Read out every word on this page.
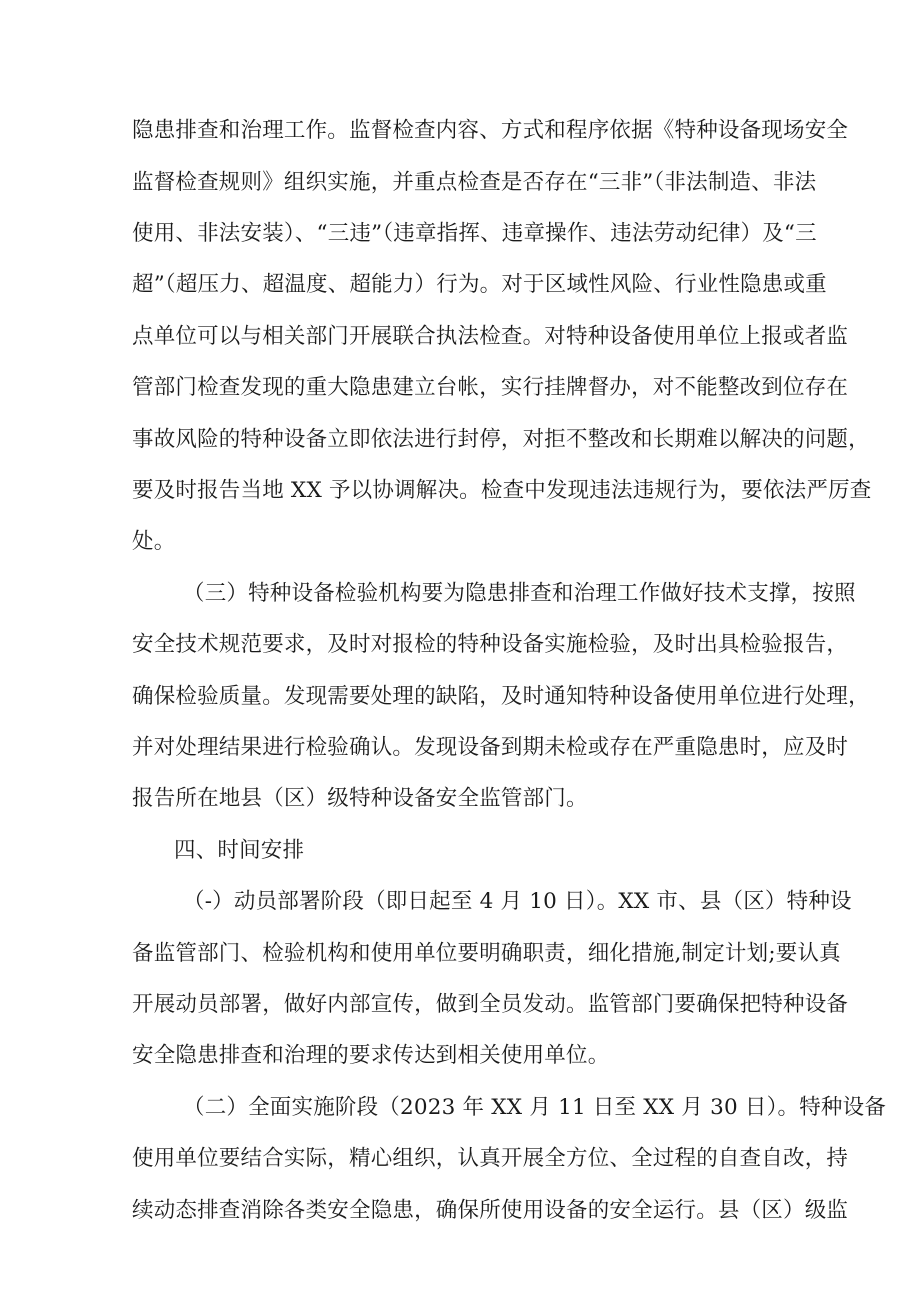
隐患排查和治理工作。监督检查内容、方式和程序依据《特种设备现场安全
监督检查规则》组织实施，并重点检查是否存在“三非”（非法制造、非法
使用、非法安装）、“三违”（违章指挥、违章操作、违法劳动纪律）及“三
超”（超压力、超温度、超能力）行为。对于区域性风险、行业性隐患或重
点单位可以与相关部门开展联合执法检查。对特种设备使用单位上报或者监
管部门检查发现的重大隐患建立台帐，实行挂牌督办，对不能整改到位存在
事故风险的特种设备立即依法进行封停，对拒不整改和长期难以解决的问题，
要及时报告当地 XX 予以协调解决。检查中发现违法违规行为，要依法严厉查
处。
（三）特种设备检验机构要为隐患排查和治理工作做好技术支撑，按照
安全技术规范要求，及时对报检的特种设备实施检验，及时出具检验报告，
确保检验质量。发现需要处理的缺陷，及时通知特种设备使用单位进行处理，
并对处理结果进行检验确认。发现设备到期未检或存在严重隐患时，应及时
报告所在地县（区）级特种设备安全监管部门。
四、时间安排
（-）动员部署阶段（即日起至 4 月 10 日）。XX 市、县（区）特种设
备监管部门、检验机构和使用单位要明确职责，细化措施,制定计划;要认真
开展动员部署，做好内部宣传，做到全员发动。监管部门要确保把特种设备
安全隐患排查和治理的要求传达到相关使用单位。
（二）全面实施阶段（2023 年 XX 月 11 日至 XX 月 30 日）。特种设备
使用单位要结合实际，精心组织，认真开展全方位、全过程的自查自改，持
续动态排查消除各类安全隐患，确保所使用设备的安全运行。县（区）级监
